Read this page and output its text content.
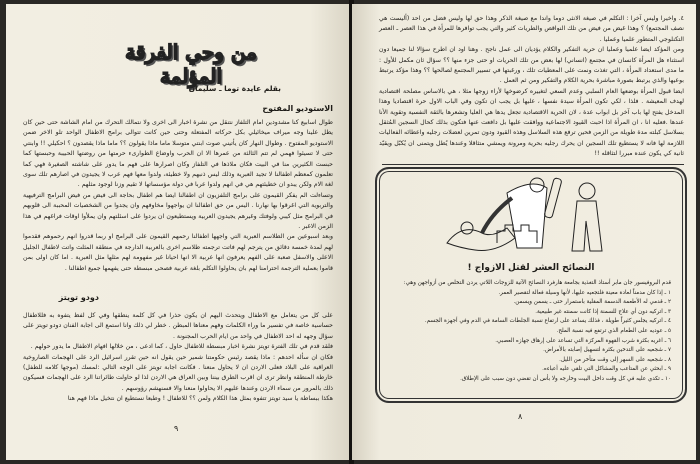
من وحي الفرقة المؤلمة
بقلم عايدة توما ـ سليمان
الاستوديو المفتوح

طوال اسابيع كنا مشدودين امام التلفاز نتنقل من نشرة اخبار الى اخرى ولا نتمالك التحرك من امام الشاشة حتى حين كان يطل علينا وجه ميراف ميخائيلي بكل حركاته المفتعلة وحتى حين كانت تتوالى برامج الاطفال الواحد تلو الاخر ضمن الاستوديو المفتوح . وطوال النهار كان يأتيني صوت ابنتي متوسلا ماما ماذا يقولون ؟؟ ماما ماذا يقصدون ؟ احكيلي !! وابنتي حتى لا تسيئوا فهمي لم تتم الثالثة من عمرها الا ان الحرب واوضاع الطوارىء حرمتها من روضتها الحبيبة وحبستها كما حبست الكثيرين منا في البيت فكان ملاذها في التلفاز وكان اصرارها على فهم ما يدور على شاشته الصغيرة فهي كما تعلمون كمعظم اطفالنا لا تجيد العبرية وذلك ليس ذنبهم ولا خطيئة، ولدوا معها فهم عرب لا يجيدون في اصارهم تلك سوى لغة الام ولكن يبدو ان خطيئتهم هي في انهم ولدوا عربا في دولة مؤسساتها لا تقيم وزنا لوجود مثلهم .

وتساءلت الم يفكر القيمون على برامج التلفزيون ان اطفالنا ايضا هم اطفال بحاجة الى فيض من فيض البرامج الترفيهية والتربوية التي اغرقوا بها نهارنا . اليس من حق اطفالنا ان يواجهوا مخاوفهم وان يجدوا من الشخصيات المحببة الى قلوبهم في البرامج مثل كيبي ولوفتك وغيرهم يجيدون العربية ويستطيعون ان يردوا على اسئلتهم وان يملأوا اوقات فراغهم في هذا الزمن الاغبر .

وبعد اسبوعين من الطلاسم العبرية التي واجهها اطفالنا رحمهم القيمون على البرامج او ربما قدروا انهم رحموهم فقدموا لهم لمدة خمسة دقائق من يترجم لهم فاتت ترجمته طلاسم اخرى بالعربية الدارجة في منطقة المثلث واتت لاطفال الجليل الاعلى والاسفل صعبة على الفهم يعرفون انها عربية الا انها احيانا غير مفهومة لهم مثلها مثل العبرية . اما كان اولى بمن قاموا بعملية الترجمة احترامنا لهم بان يحاولوا التكلم بلغة عربية فصحى مبسطة حتى يفهمها جميع اطفالنا .

دودو تويتز

على كل من يتعامل مع الاطفال ويتحدث اليهم ان يكون حذرا في كل كلمة ينطقها وفي كل لفظ يتفوه به فللاطفال حساسية خاصة في تفسير ما وراء الكلمات وفهم معناها المبطن . خطر لي ذلك وانا استمع الى اجابة الفنان دودو تويتز على سؤال وجهه له احد الاطفال في واحد من ايام الحرب المجنونة .

فلقد قدم في تلك الفترة تويتز نشرة اخبار مبسطة للاطفال حاول ، كما ادعى ، من خلالها افهام الاطفال ما يدور حولهم .

فكان ان سأله احدهم : ماذا يقصد رئيس حكومتنا شمير حين يقول انه حين تقرر اسرائيل الرد على الهجمات الصاروخية العراقية على البلاد فعلى الاردن ان لا يحاول منعنا . فكانت اجابة تويتز على الوجه التالي :لمسك (موجها كلامه للطفل) خارطة المنطقة وانظر ترى ان اقرب الطرق بيننا وبين العراق هي الاردن لذا لو حاولت طائراتنا الرد على الهجمات فسيكون ذلك بالمرور من سماء الاردن وعندها عليهم الا يحاولوا منعنا والا فسنهشم رؤوسهم .

هكذا ببساطة يا سيد تويتز تتفوه بمثل هذا الكلام ولمن ؟؟ للاطفال ! وطبعا نستطيع ان نتخيل ماذا فهم هنا

٩

٤. واخيرا وليس آخرا : التكلم في صيغة الانثى دوما واندا مع صيغة الذكر وهذا حق لها وليس فضل من احد (أليست هي نصف المجتمع) ؟ وهذا غيض من فيض من تلك النواقص والطريات كثير والتي يجب توافرها للمرأة في هذا العصر ـ العصر التكنلوجي المتطور علميا وعمليا .

ومن المؤكد ايضا علميا وعمليا ان حرية التفكير والكلام يؤديان الى عمل ناجح . وهنا اود ان اطرح سؤالا لنا جميعا دون استثناء هل المرأة كانسان في مجتمع (انساني) لها بعض من تلك الحريات او حتى جزء منها ؟؟ سؤال ثان مكمل للأول : ما مدى استعداد المرأة ، التي تغذت ونمت على المعطيات تلك ، ورغبتها في تسيير المجتمع لصالحها ؟؟ وهذا مؤكد يرتبط بوعيها والذي يرتبط بصورة مباشرة بحرية الكلام والتفكير ومن ثم العمل .

ايضا قبول المرأة بوضعها العام السلبي وعدم السعي لتغييره كرضوخها لأراء زوجها مثلا ، هي بالاساس مصلحة اقتصادية لهدف المعيشة . فلذا ، لكي تكون المرأة سيدة نفسها ، عليها بل يجب ان تكون وفي الباب الاول حرة اقتصاديا وهذا المدخل يفتح لها باب آخر بل ابواب عدة ، لان الحرية الاقتصادية تجعل يدها هي العليا وتشعرها بالثقة النفسية وتقوية الأنا عندها .فعليه انا ، ان المرأة اذا احبت القيود الاجتماعية ووافقت عليها بل دافعت عنها فتكون بذلك كحال السجين المُثقل بسلاسل كبلته مدة طويلة من الزمن فحين ترفع هذه السلاسل وهذه القيود ودون تمرين لعضلات رجليه واعطائه الفعاليات اللازمة لها فانه لا يستطيع تلك السجين ان يحرك رجليه بحرية ومرونة ويمشي متثاقلا وعندها يُطل ويتمنى ان يُكبّل ويقيّد ثانية كي يكون عنده مبررا لتثاقله !!

النصائح العشر لقتل الازواج !
قدم البروفيسور جان مابر أستاذ التغذية بجامعة هارفرد النصائح الآتية للزوجات اللاتي يردن التخلص من أزواجهن وهي:
١ ـ إذا كان مدمناً لعادة معينة فلتجعيه عليها، لأنها وسيلة فعالة لتقصير العمر.
٢ ـ قدمي له الأطعمة الدسمة المقلية باستمرار حتى ـ يسمن ويسمن.
٣ ـ اتركيه دون أي علاج للسمنة إذا كانت سمنته غير طبيعية.
٤ ـ اتركيه يجلس كثيراً طويلة ، فذلك يساعد على ارتفاع نسبة الجلطات السامة في الدم وفي أجهزة الجسم.
٥ ـ عوديه على الطعام الذي ترتفع فيه نسبة الملح.
٦ ـ اغريه بكثرة شرب القهوة المركزة التي تساعد على إرهاق جهازه العصبي.
٧ ـ شجعيه على التدخين بكثرة لتسهيل إصابته بالأمراض.
٨ ـ شجعيه على السهر إلى وقت متأخر من الليل.
٩ ـ ابحثي عن المتاعب والمشاكل التي تلقي عليه أعباءه.
١٠ ـ تكدي عليه في كل وقت داخل البيت وخارجه ولا بأس أن تقضي دون سبب على الإطلاق.
٨
